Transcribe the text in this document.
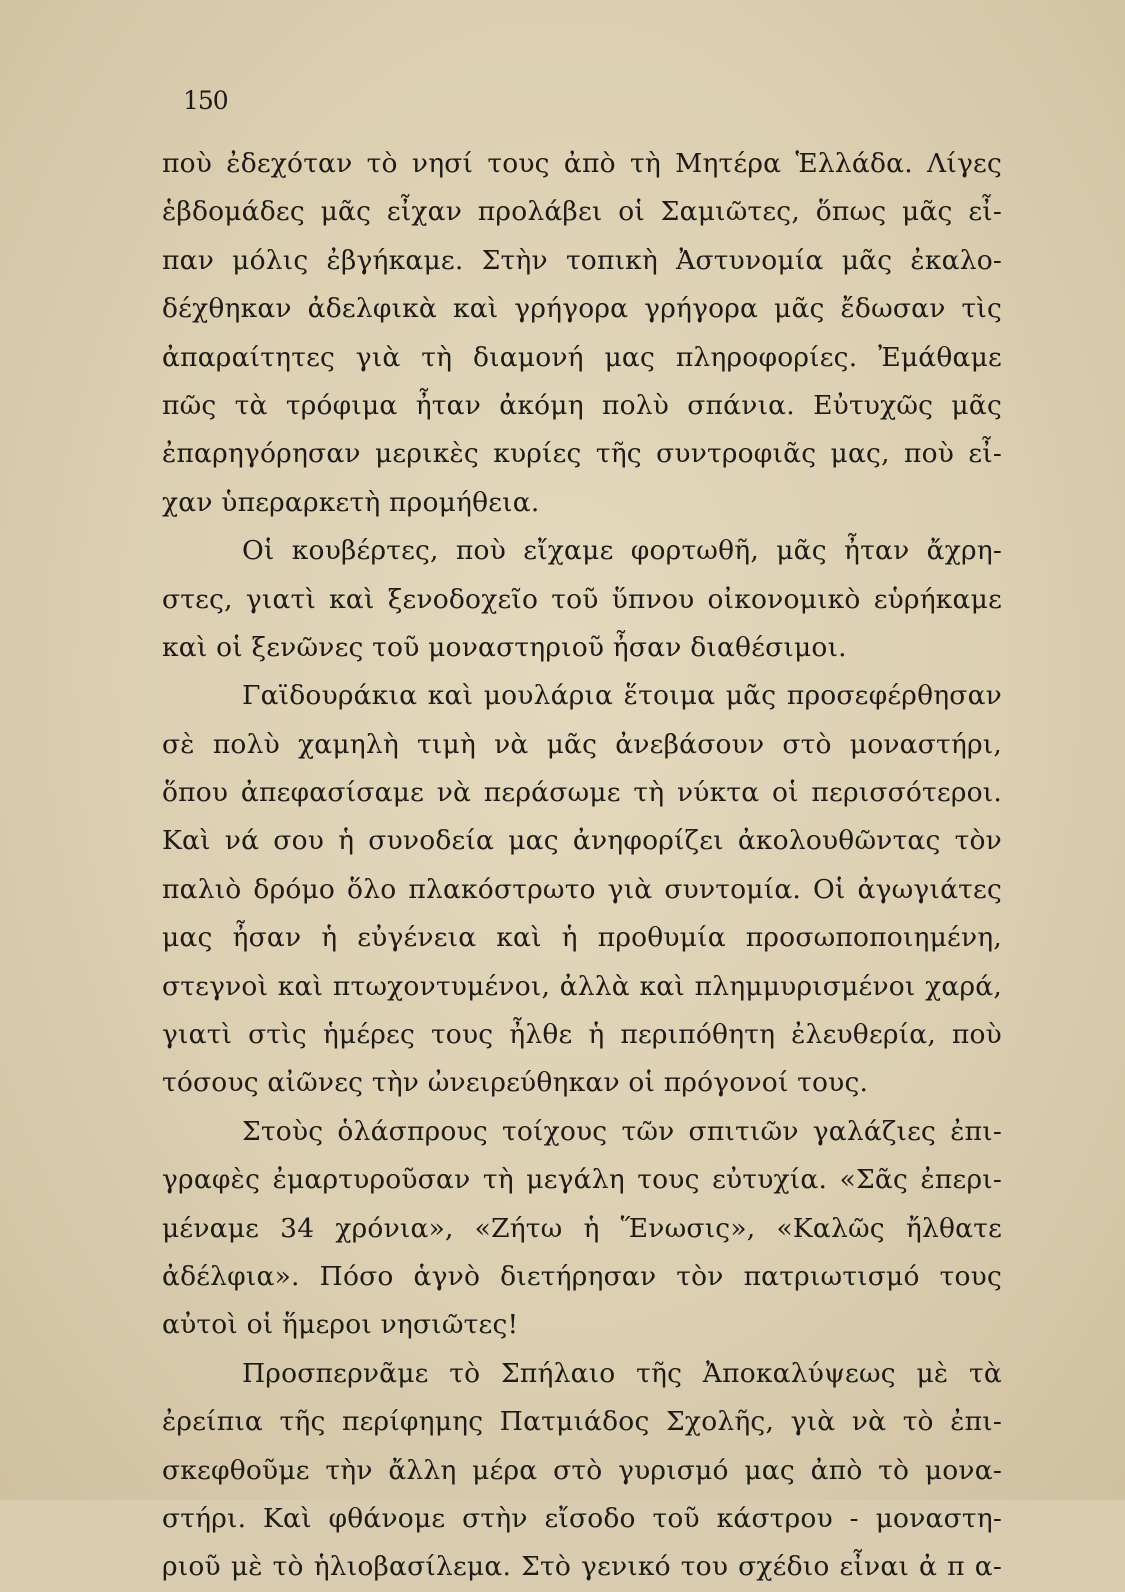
150

ποὺ ἐδεχόταν τὸ νησί τους ἀπὸ τὴ Μητέρα Ἑλλάδα. Λίγες
ἑβδομάδες μᾶς εἶχαν προλάβει οἱ Σαμιῶτες, ὅπως μᾶς εἶ-
παν μόλις ἐβγήκαμε. Στὴν τοπικὴ Ἀστυνομία μᾶς ἐκαλο-
δέχθηκαν ἀδελφικὰ καὶ γρήγορα γρήγορα μᾶς ἔδωσαν τὶς
ἀπαραίτητες γιὰ τὴ διαμονή μας πληροφορίες. Ἐμάθαμε
πῶς τὰ τρόφιμα ἦταν ἀκόμη πολὺ σπάνια. Εὐτυχῶς μᾶς
ἐπαρηγόρησαν μερικὲς κυρίες τῆς συντροφιᾶς μας, ποὺ εἶ-
χαν ὑπεραρκετὴ προμήθεια.
Οἱ κουβέρτες, ποὺ εἴχαμε φορτωθῆ, μᾶς ἦταν ἄχρη-
στες, γιατὶ καὶ ξενοδοχεῖο τοῦ ὕπνου οἰκονομικὸ εὑρήκαμε
καὶ οἱ ξενῶνες τοῦ μοναστηριοῦ ἦσαν διαθέσιμοι.
Γαϊδουράκια καὶ μουλάρια ἕτοιμα μᾶς προσεφέρθησαν
σὲ πολὺ χαμηλὴ τιμὴ νὰ μᾶς ἀνεβάσουν στὸ μοναστήρι,
ὅπου ἀπεφασίσαμε νὰ περάσωμε τὴ νύκτα οἱ περισσότεροι.
Καὶ νά σου ἡ συνοδεία μας ἀνηφορίζει ἀκολουθῶντας τὸν
παλιὸ δρόμο ὅλο πλακόστρωτο γιὰ συντομία. Οἱ ἀγωγιάτες
μας ἦσαν ἡ εὐγένεια καὶ ἡ προθυμία προσωποποιημένη,
στεγνοὶ καὶ πτωχοντυμένοι, ἀλλὰ καὶ πλημμυρισμένοι χαρά,
γιατὶ στὶς ἡμέρες τους ἦλθε ἡ περιπόθητη ἐλευθερία, ποὺ
τόσους αἰῶνες τὴν ὠνειρεύθηκαν οἱ πρόγονοί τους.
Στοὺς ὁλάσπρους τοίχους τῶν σπιτιῶν γαλάζιες ἐπι-
γραφὲς ἐμαρτυροῦσαν τὴ μεγάλη τους εὐτυχία. «Σᾶς ἐπερι-
μέναμε 34 χρόνια», «Ζήτω ἡ Ἕνωσις», «Καλῶς ἤλθατε
ἀδέλφια». Πόσο ἁγνὸ διετήρησαν τὸν πατριωτισμό τους
αὐτοὶ οἱ ἥμεροι νησιῶτες!
Προσπερνᾶμε τὸ Σπήλαιο τῆς Ἀποκαλύψεως μὲ τὰ
ἐρείπια τῆς περίφημης Πατμιάδος Σχολῆς, γιὰ νὰ τὸ ἐπι-
σκεφθοῦμε τὴν ἄλλη μέρα στὸ γυρισμό μας ἀπὸ τὸ μονα-
στήρι. Καὶ φθάνομε στὴν εἴσοδο τοῦ κάστρου - μοναστη-
ριοῦ μὲ τὸ ἡλιοβασίλεμα. Στὸ γενικό του σχέδιο εἶναι ἀ π α-
